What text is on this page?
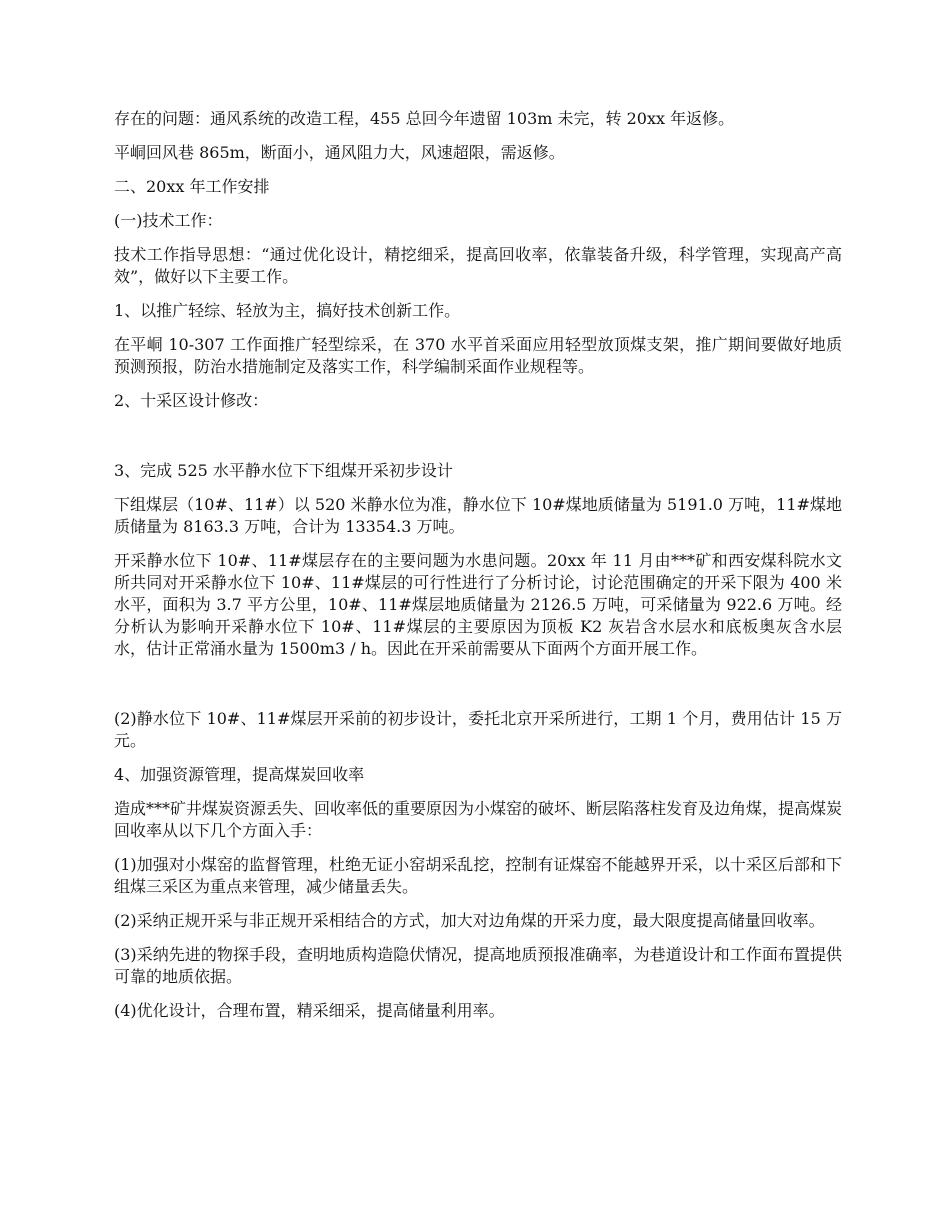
存在的问题：通风系统的改造工程，455 总回今年遗留 103m 未完，转 20xx 年返修。

平峒回风巷 865m，断面小，通风阻力大，风速超限，需返修。

二、20xx 年工作安排

(一)技术工作：

技术工作指导思想：“通过优化设计，精挖细采，提高回收率，依靠装备升级，科学管理，实现高产高效”，做好以下主要工作。

1、以推广轻综、轻放为主，搞好技术创新工作。

在平峒 10-307 工作面推广轻型综采，在 370 水平首采面应用轻型放顶煤支架，推广期间要做好地质预测预报，防治水措施制定及落实工作，科学编制采面作业规程等。

2、十采区设计修改：

3、完成 525 水平静水位下下组煤开采初步设计

下组煤层（10#、11#）以 520 米静水位为准，静水位下 10#煤地质储量为 5191.0 万吨，11#煤地质储量为 8163.3 万吨，合计为 13354.3 万吨。

开采静水位下 10#、11#煤层存在的主要问题为水患问题。20xx 年 11 月由***矿和西安煤科院水文所共同对开采静水位下 10#、11#煤层的可行性进行了分析讨论，讨论范围确定的开采下限为 400 米水平，面积为 3.7 平方公里，10#、11#煤层地质储量为 2126.5 万吨，可采储量为 922.6 万吨。经分析认为影响开采静水位下 10#、11#煤层的主要原因为顶板 K2 灰岩含水层水和底板奥灰含水层水，估计正常涌水量为 1500m3 / h。因此在开采前需要从下面两个方面开展工作。

(2)静水位下 10#、11#煤层开采前的初步设计，委托北京开采所进行，工期 1 个月，费用估计 15 万元。

4、加强资源管理，提高煤炭回收率

造成***矿井煤炭资源丢失、回收率低的重要原因为小煤窑的破坏、断层陷落柱发育及边角煤，提高煤炭回收率从以下几个方面入手：

(1)加强对小煤窑的监督管理，杜绝无证小窑胡采乱挖，控制有证煤窑不能越界开采，以十采区后部和下组煤三采区为重点来管理，减少储量丢失。

(2)采纳正规开采与非正规开采相结合的方式，加大对边角煤的开采力度，最大限度提高储量回收率。

(3)采纳先进的物探手段，查明地质构造隐伏情况，提高地质预报准确率，为巷道设计和工作面布置提供可靠的地质依据。

(4)优化设计，合理布置，精采细采，提高储量利用率。
